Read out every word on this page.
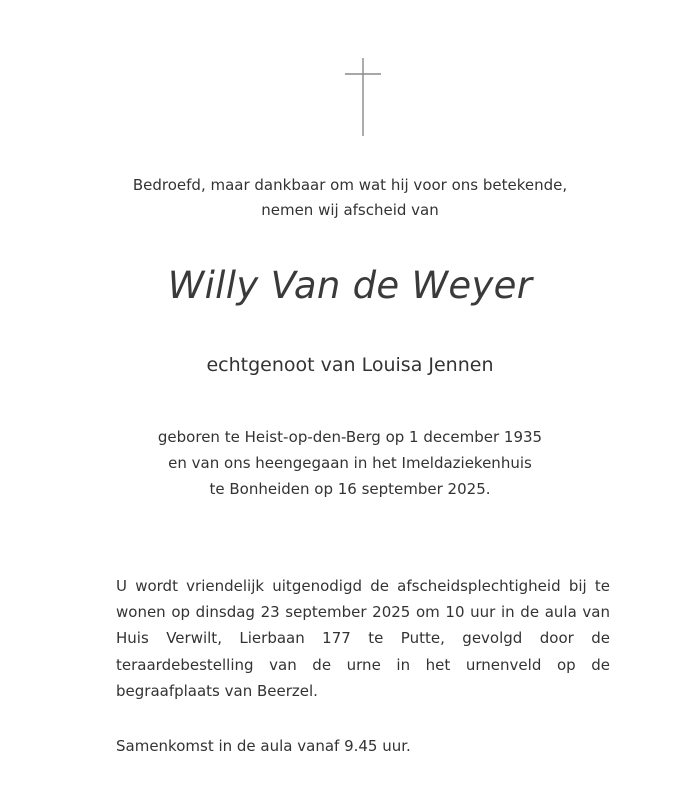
Bedroefd, maar dankbaar om wat hij voor ons betekende,

nemen wij afscheid van

Willy Van de Weyer
echtgenoot van Louisa Jennen

geboren te Heist-op-den-Berg op 1 december 1935

en van ons heengegaan in het Imeldaziekenhuis

te Bonheiden op 16 september 2025.

U wordt vriendelijk uitgenodigd de afscheidsplechtigheid bij te wonen op dinsdag 23 september 2025 om 10 uur in de aula van Huis Verwilt, Lierbaan 177 te Putte, gevolgd door de teraardebestelling van de urne in het urnenveld op de begraafplaats van Beerzel.

Samenkomst in de aula vanaf 9.45 uur.
